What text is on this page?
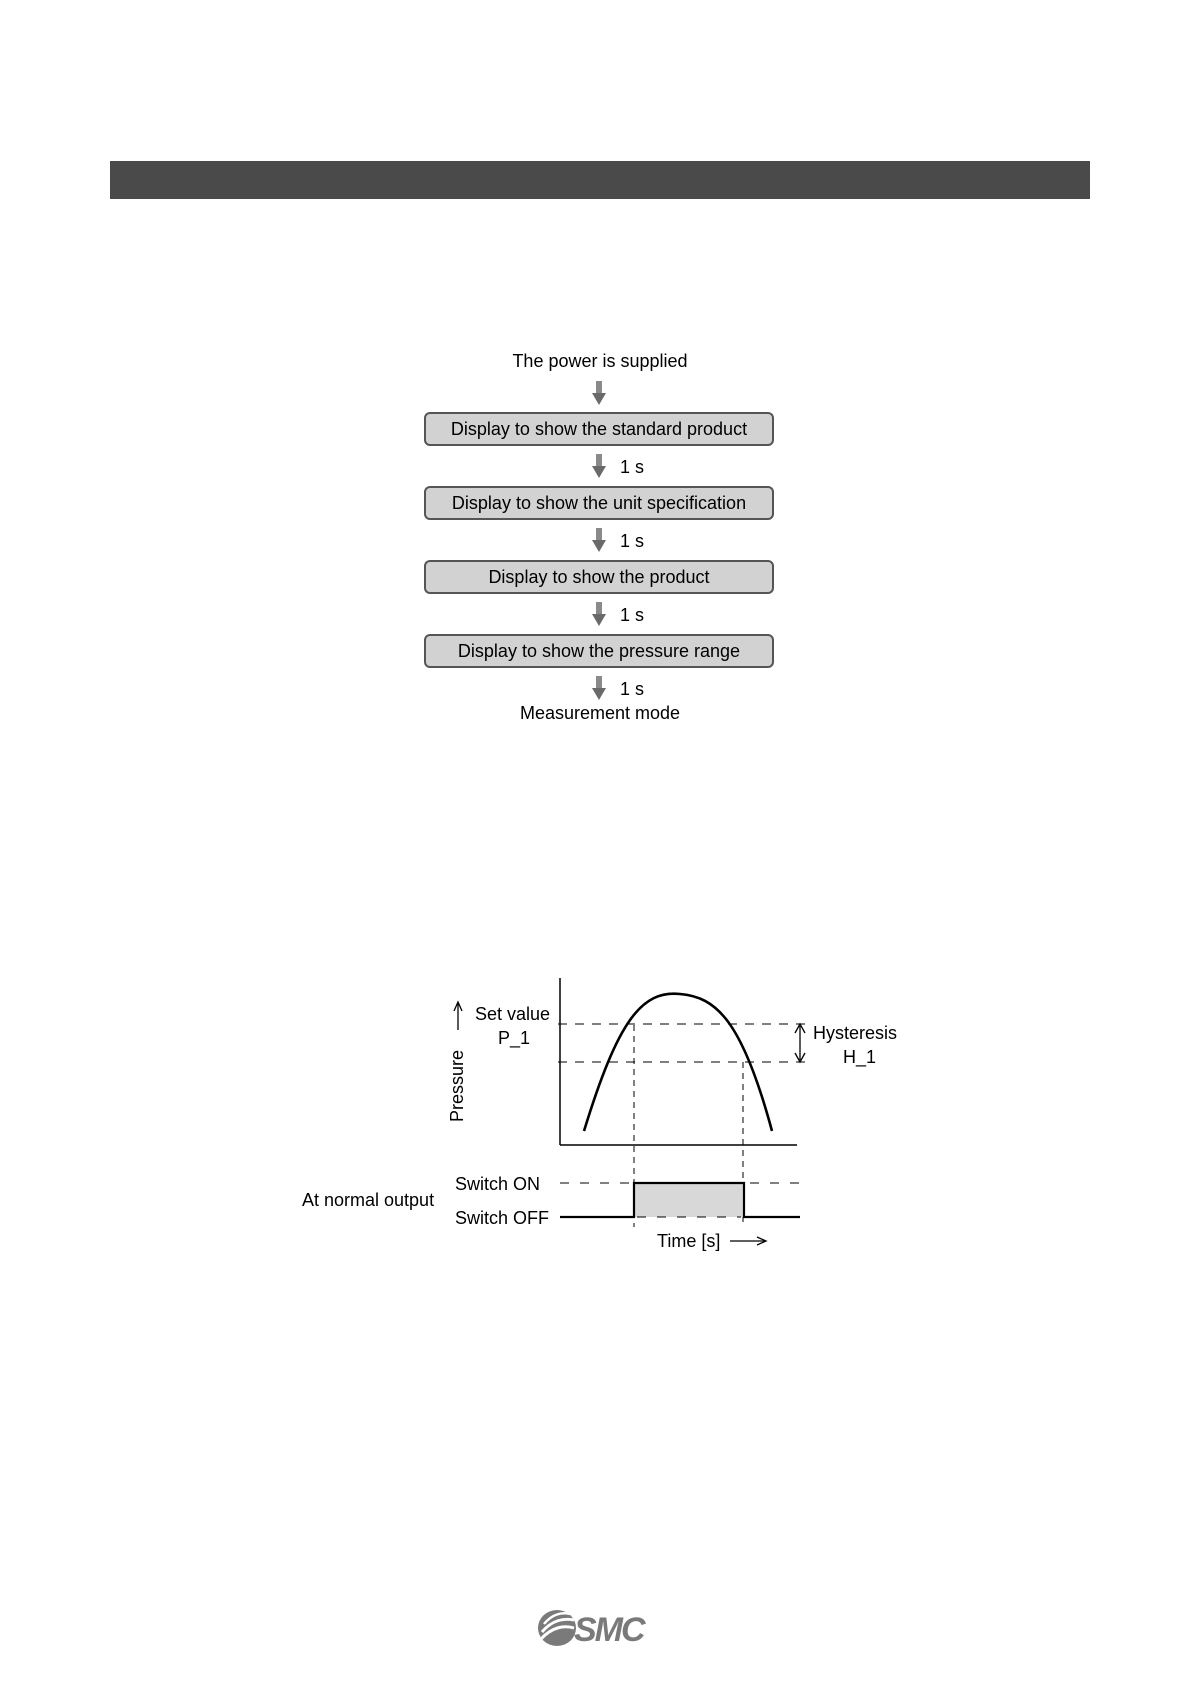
The power is supplied
Display to show the standard product
1 s
Display to show the unit specification
1 s
Display to show the product
1 s
Display to show the pressure range
1 s
Measurement mode
Pressure
Set value
P_1	Hysteresis
H_1
Switch ON
Switch OFF
At normal output
Time [s]
SMC
